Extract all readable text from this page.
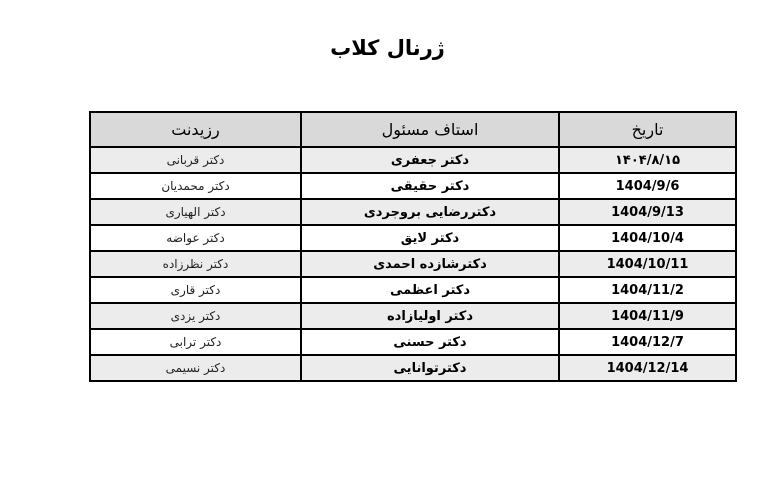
ژرنال کلاب
تاریخ	استاف مسئول	رزیدنت
۱۴۰۴/۸/۱۵	دکتر جعفری	دکتر قربانی
1404/9/6	دکتر حقیقی	دکتر محمدیان
1404/9/13	دکتررضایی بروجردی	دکتر الهیاری
1404/10/4	دکتر لایق	دکتر عواضه
1404/10/11	دکترشازده احمدی	دکتر نظرزاده
1404/11/2	دکتر اعظمی	دکتر قاری
1404/11/9	دکتر اولیازاده	دکتر یزدی
1404/12/7	دکتر حسنی	دکتر ترابی
1404/12/14	دکترتوانایی	دکتر نسیمی
